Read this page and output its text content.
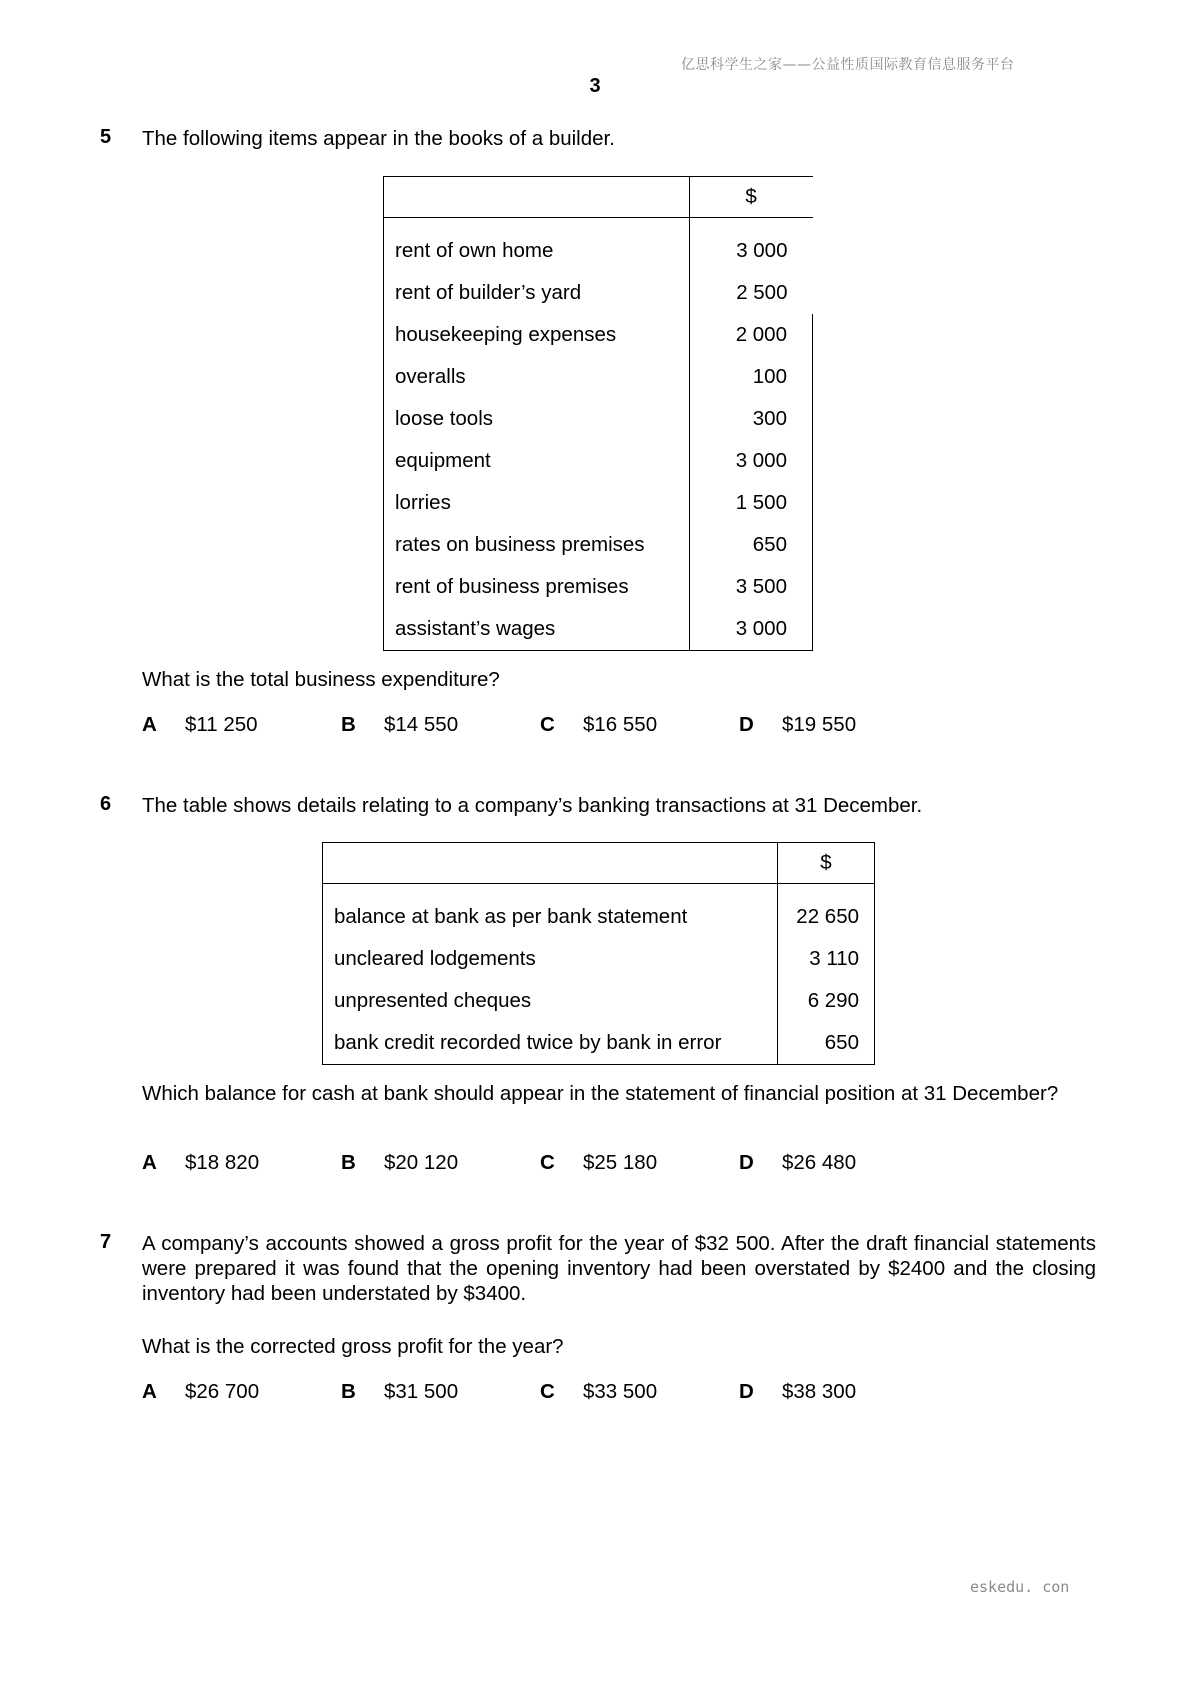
亿思科学生之家——公益性质国际教育信息服务平台
3
5 The following items appear in the books of a builder.
	$
rent of own home	3 000
rent of builder’s yard	2 500
housekeeping expenses	2 000
overalls	100
loose tools	300
equipment	3 000
lorries	1 500
rates on business premises	650
rent of business premises	3 500
assistant’s wages	3 000
What is the total business expenditure?
A $11 250	B $14 550	C $16 550	D $19 550
6 The table shows details relating to a company’s banking transactions at 31 December.
	$
balance at bank as per bank statement	22 650
uncleared lodgements	3 110
unpresented cheques	6 290
bank credit recorded twice by bank in error	650
Which balance for cash at bank should appear in the statement of financial position at 31 December?
A $18 820	B $20 120	C $25 180	D $26 480
7 A company’s accounts showed a gross profit for the year of $32 500. After the draft financial statements were prepared it was found that the opening inventory had been overstated by $2400 and the closing inventory had been understated by $3400.
What is the corrected gross profit for the year?
A $26 700	B $31 500	C $33 500	D $38 300
eskedu. con
